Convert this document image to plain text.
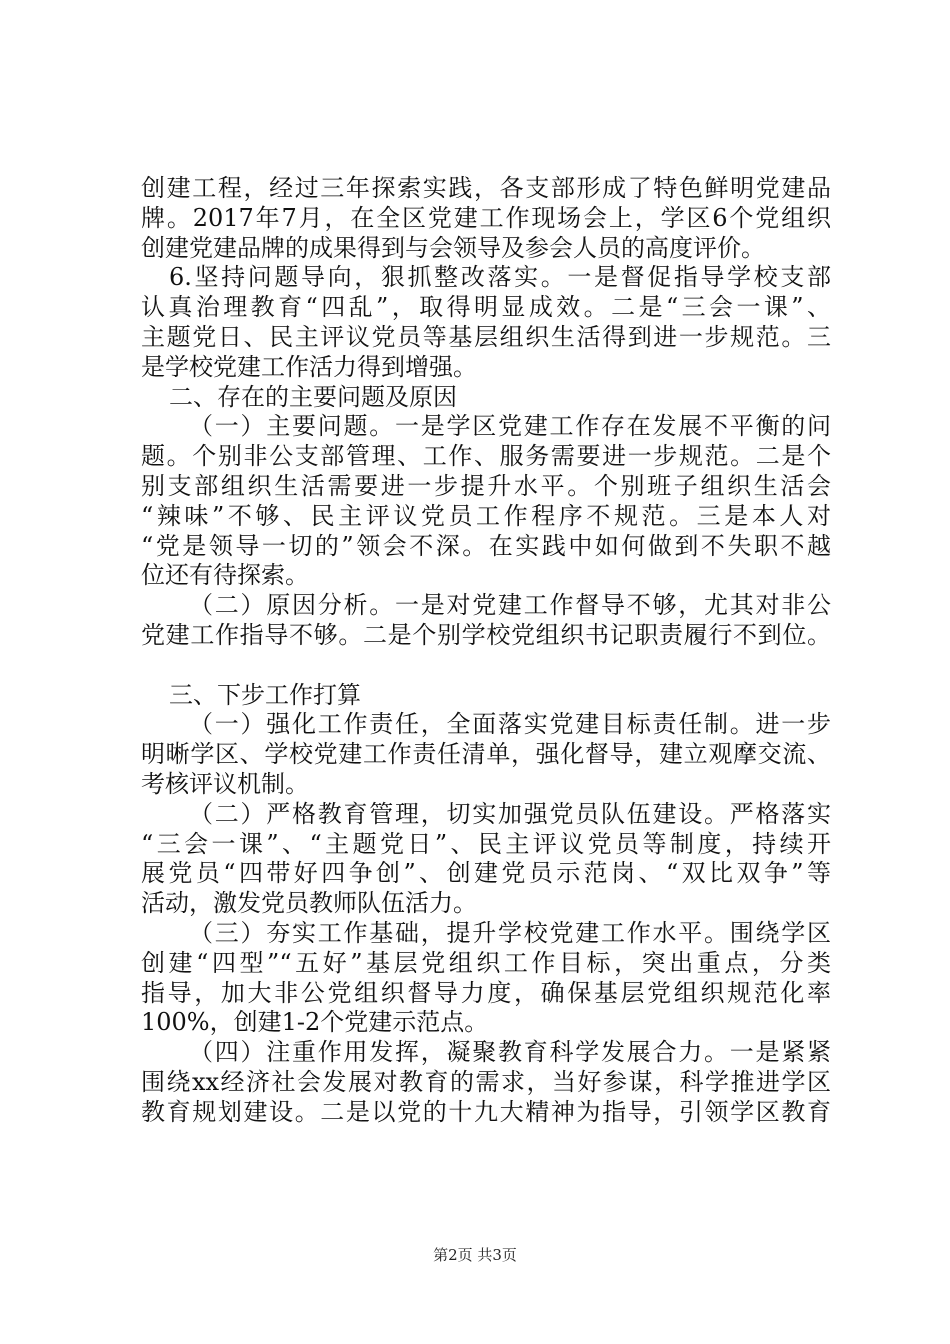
创建工程，经过三年探索实践，各支部形成了特色鲜明党建品
牌。2017年7月，在全区党建工作现场会上，学区6个党组织
创建党建品牌的成果得到与会领导及参会人员的高度评价。
6.坚持问题导向，狠抓整改落实。一是督促指导学校支部
认真治理教育“四乱”，取得明显成效。二是“三会一课”、
主题党日、民主评议党员等基层组织生活得到进一步规范。三
是学校党建工作活力得到增强。
二、存在的主要问题及原因
（一）主要问题。一是学区党建工作存在发展不平衡的问
题。个别非公支部管理、工作、服务需要进一步规范。二是个
别支部组织生活需要进一步提升水平。个别班子组织生活会
“辣味”不够、民主评议党员工作程序不规范。三是本人对
“党是领导一切的”领会不深。在实践中如何做到不失职不越
位还有待探索。
（二）原因分析。一是对党建工作督导不够，尤其对非公
党建工作指导不够。二是个别学校党组织书记职责履行不到位。

三、下步工作打算
（一）强化工作责任，全面落实党建目标责任制。进一步
明晰学区、学校党建工作责任清单，强化督导，建立观摩交流、
考核评议机制。
（二）严格教育管理，切实加强党员队伍建设。严格落实
“三会一课”、“主题党日”、民主评议党员等制度，持续开
展党员“四带好四争创”、创建党员示范岗、“双比双争”等
活动，激发党员教师队伍活力。
（三）夯实工作基础，提升学校党建工作水平。围绕学区
创建“四型”“五好”基层党组织工作目标，突出重点，分类
指导，加大非公党组织督导力度，确保基层党组织规范化率
100%，创建1-2个党建示范点。
（四）注重作用发挥，凝聚教育科学发展合力。一是紧紧
围绕xx经济社会发展对教育的需求，当好参谋，科学推进学区
教育规划建设。二是以党的十九大精神为指导，引领学区教育
第2页 共3页
